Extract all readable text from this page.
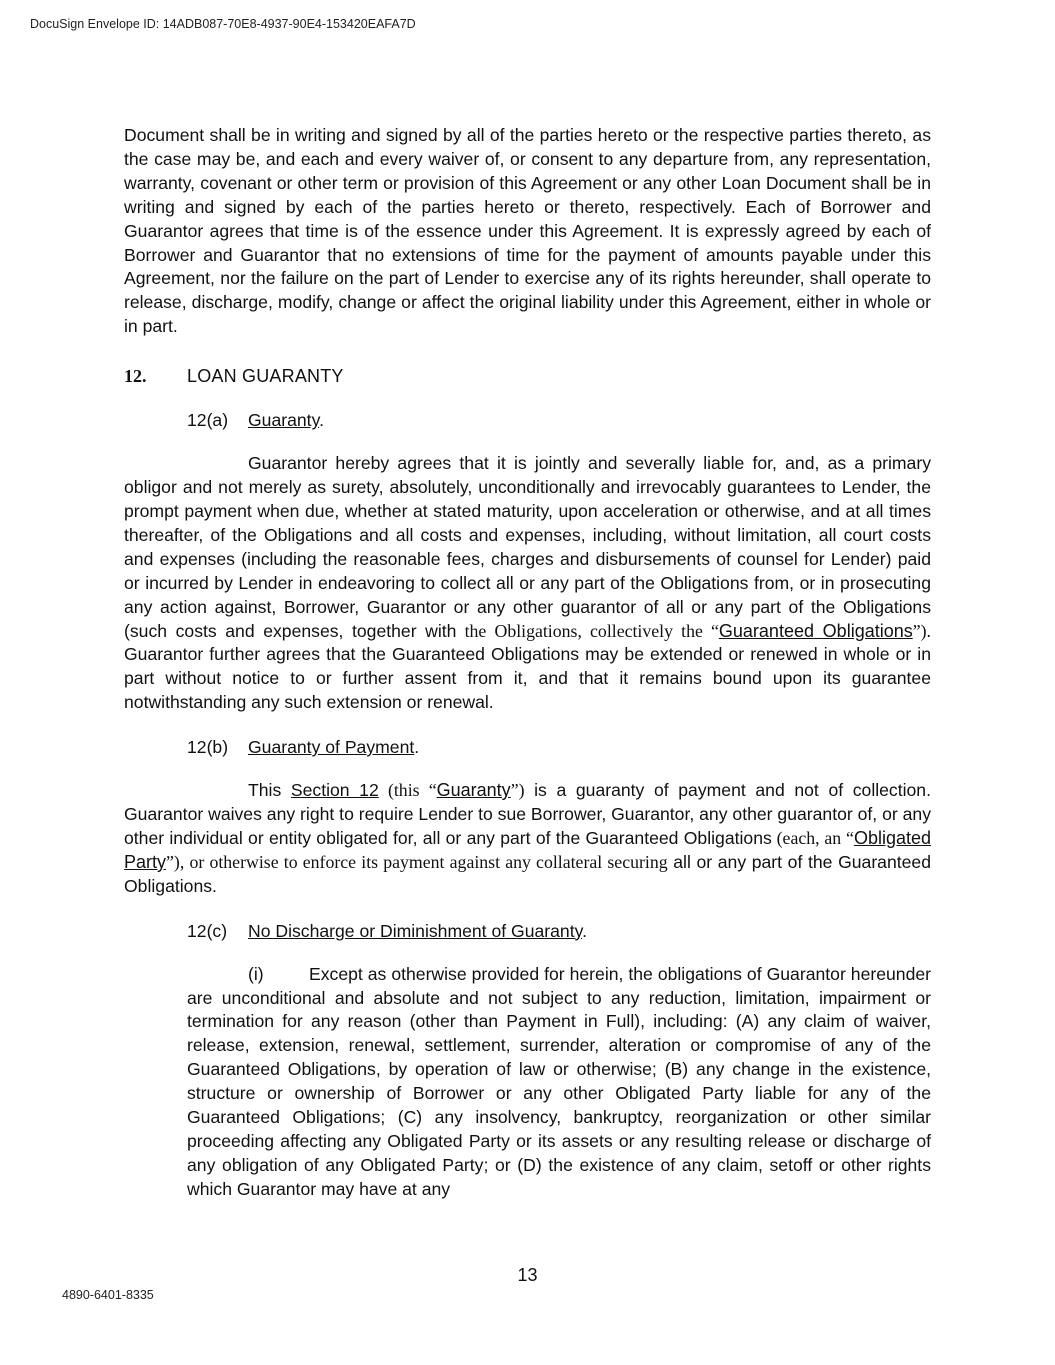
DocuSign Envelope ID: 14ADB087-70E8-4937-90E4-153420EAFA7D

Document shall be in writing and signed by all of the parties hereto or the respective parties thereto, as the case may be, and each and every waiver of, or consent to any departure from, any representation, warranty, covenant or other term or provision of this Agreement or any other Loan Document shall be in writing and signed by each of the parties hereto or thereto, respectively. Each of Borrower and Guarantor agrees that time is of the essence under this Agreement. It is expressly agreed by each of Borrower and Guarantor that no extensions of time for the payment of amounts payable under this Agreement, nor the failure on the part of Lender to exercise any of its rights hereunder, shall operate to release, discharge, modify, change or affect the original liability under this Agreement, either in whole or in part.

12.	LOAN GUARANTY
12(a)	Guaranty.

Guarantor hereby agrees that it is jointly and severally liable for, and, as a primary obligor and not merely as surety, absolutely, unconditionally and irrevocably guarantees to Lender, the prompt payment when due, whether at stated maturity, upon acceleration or otherwise, and at all times thereafter, of the Obligations and all costs and expenses, including, without limitation, all court costs and expenses (including the reasonable fees, charges and disbursements of counsel for Lender) paid or incurred by Lender in endeavoring to collect all or any part of the Obligations from, or in prosecuting any action against, Borrower, Guarantor or any other guarantor of all or any part of the Obligations (such costs and expenses, together with the Obligations, collectively the “Guaranteed Obligations”). Guarantor further agrees that the Guaranteed Obligations may be extended or renewed in whole or in part without notice to or further assent from it, and that it remains bound upon its guarantee notwithstanding any such extension or renewal.

12(b)	Guaranty of Payment.

This Section 12 (this “Guaranty”) is a guaranty of payment and not of collection. Guarantor waives any right to require Lender to sue Borrower, Guarantor, any other guarantor of, or any other individual or entity obligated for, all or any part of the Guaranteed Obligations (each, an “Obligated Party”), or otherwise to enforce its payment against any collateral securing all or any part of the Guaranteed Obligations.

12(c)	No Discharge or Diminishment of Guaranty.

(i)	Except as otherwise provided for herein, the obligations of Guarantor hereunder are unconditional and absolute and not subject to any reduction, limitation, impairment or termination for any reason (other than Payment in Full), including: (A) any claim of waiver, release, extension, renewal, settlement, surrender, alteration or compromise of any of the Guaranteed Obligations, by operation of law or otherwise; (B) any change in the existence, structure or ownership of Borrower or any other Obligated Party liable for any of the Guaranteed Obligations; (C) any insolvency, bankruptcy, reorganization or other similar proceeding affecting any Obligated Party or its assets or any resulting release or discharge of any obligation of any Obligated Party; or (D) the existence of any claim, setoff or other rights which Guarantor may have at any

13
4890-6401-8335
